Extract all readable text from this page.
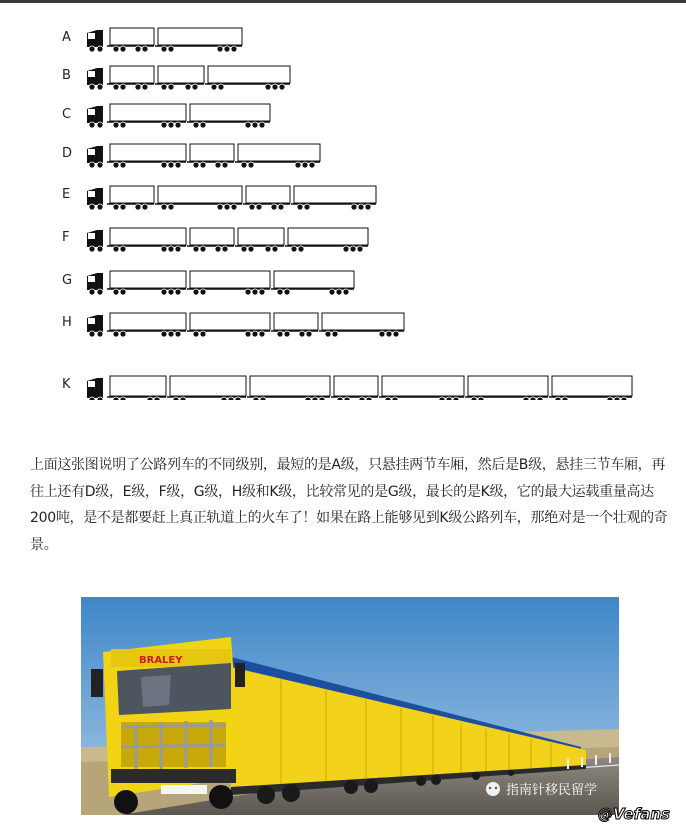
A
B
C
D
E
F
G
H
K
上面这张图说明了公路列车的不同级别，最短的是A级，只悬挂两节车厢，然后是B级，悬挂三节车厢，再往上还有D级，E级，F级，G级，H级和K级，比较常见的是G级，最长的是K级，它的最大运载重量高达200吨，是不是都要赶上真正轨道上的火车了！如果在路上能够见到K级公路列车，那绝对是一个壮观的奇景。
BRALEY
指南针移民留学
@Vefans
